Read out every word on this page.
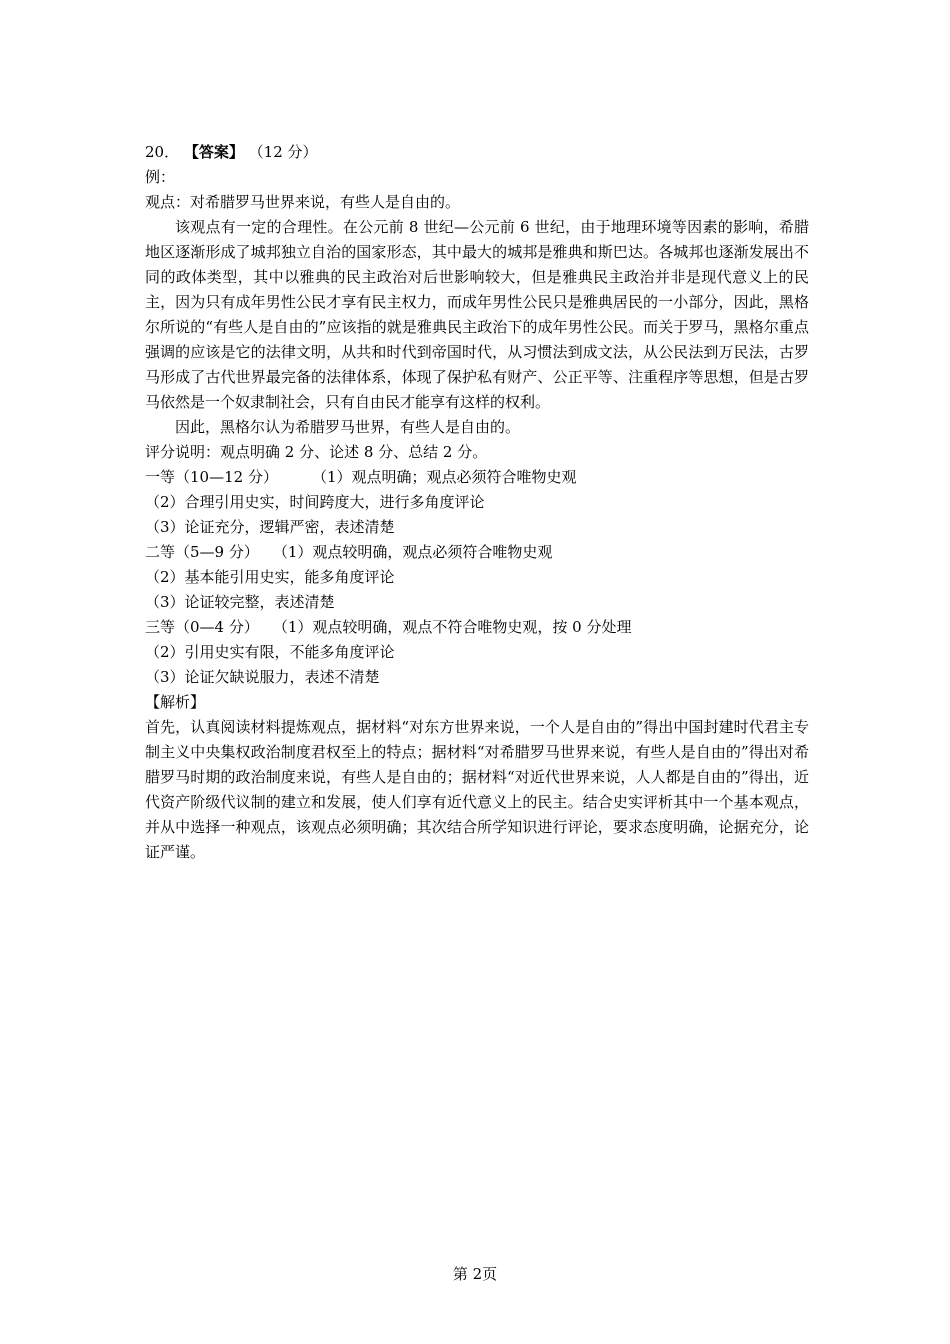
20． 【答案】 （12 分）
例：
观点：对希腊罗马世界来说，有些人是自由的。
该观点有一定的合理性。在公元前 8 世纪—公元前 6 世纪，由于地理环境等因素的影响，希腊地区逐渐形成了城邦独立自治的国家形态，其中最大的城邦是雅典和斯巴达。各城邦也逐渐发展出不同的政体类型，其中以雅典的民主政治对后世影响较大，但是雅典民主政治并非是现代意义上的民主，因为只有成年男性公民才享有民主权力，而成年男性公民只是雅典居民的一小部分，因此，黑格尔所说的“有些人是自由的”应该指的就是雅典民主政治下的成年男性公民。而关于罗马，黑格尔重点强调的应该是它的法律文明，从共和时代到帝国时代，从习惯法到成文法，从公民法到万民法，古罗马形成了古代世界最完备的法律体系，体现了保护私有财产、公正平等、注重程序等思想，但是古罗马依然是一个奴隶制社会，只有自由民才能享有这样的权利。
因此，黑格尔认为希腊罗马世界，有些人是自由的。
评分说明：观点明确 2 分、论述 8 分、总结 2 分。
一等（10—12 分） （1）观点明确；观点必须符合唯物史观
（2）合理引用史实，时间跨度大，进行多角度评论
（3）论证充分，逻辑严密，表述清楚
二等（5—9 分） （1）观点较明确，观点必须符合唯物史观
（2）基本能引用史实，能多角度评论
（3）论证较完整，表述清楚
三等（0—4 分） （1）观点较明确，观点不符合唯物史观，按 0 分处理
（2）引用史实有限，不能多角度评论
（3）论证欠缺说服力，表述不清楚
【解析】
首先，认真阅读材料提炼观点，据材料“对东方世界来说，一个人是自由的”得出中国封建时代君主专制主义中央集权政治制度君权至上的特点；据材料“对希腊罗马世界来说，有些人是自由的”得出对希腊罗马时期的政治制度来说，有些人是自由的；据材料“对近代世界来说，人人都是自由的”得出，近代资产阶级代议制的建立和发展，使人们享有近代意义上的民主。结合史实评析其中一个基本观点，并从中选择一种观点，该观点必须明确；其次结合所学知识进行评论，要求态度明确，论据充分，论证严谨。
第 2页
